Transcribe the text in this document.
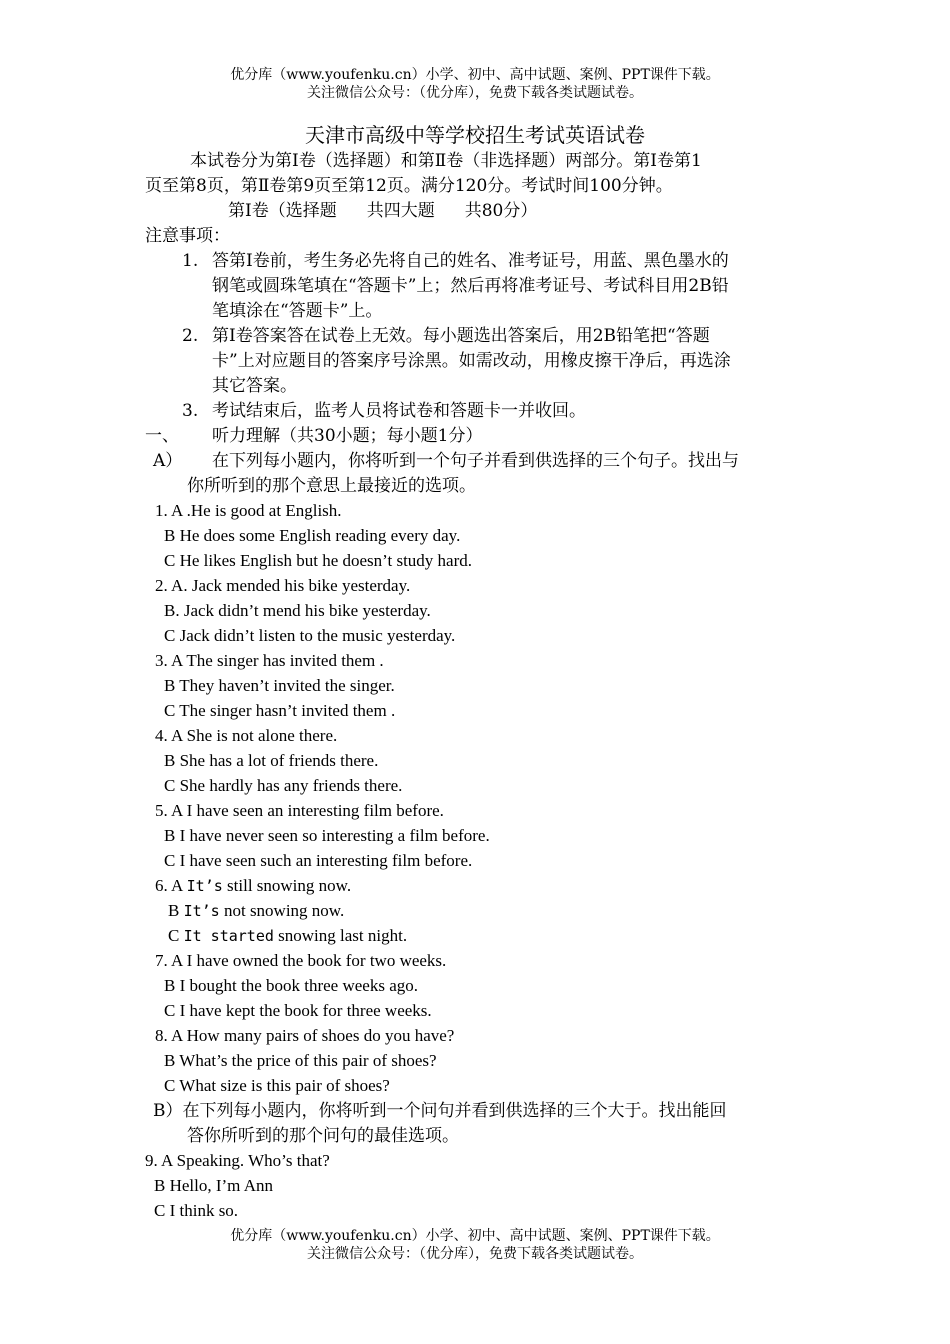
优分库（www.youfenku.cn）小学、初中、高中试题、案例、PPT课件下载。
关注微信公众号：（优分库），免费下载各类试题试卷。
天津市高级中等学校招生考试英语试卷
本试卷分为第Ⅰ卷（选择题）和第Ⅱ卷（非选择题）两部分。第Ⅰ卷第1
页至第8页，第Ⅱ卷第9页至第12页。满分120分。考试时间100分钟。
第Ⅰ卷（选择题 共四大题 共80分）
注意事项：
1. 答第Ⅰ卷前，考生务必先将自己的姓名、准考证号，用蓝、黑色墨水的
钢笔或圆珠笔填在“答题卡”上；然后再将准考证号、考试科目用2B铅
笔填涂在“答题卡”上。
2. 第Ⅰ卷答案答在试卷上无效。每小题选出答案后，用2B铅笔把“答题
卡”上对应题目的答案序号涂黑。如需改动，用橡皮擦干净后，再选涂
其它答案。
3. 考试结束后，监考人员将试卷和答题卡一并收回。
一、 听力理解（共30小题；每小题1分）
A） 在下列每小题内，你将听到一个句子并看到供选择的三个句子。找出与
你所听到的那个意思上最接近的选项。
1. A .He is good at English.
B He does some English reading every day.
C He likes English but he doesn’t study hard.
2. A. Jack mended his bike yesterday.
B. Jack didn’t mend his bike yesterday.
C Jack didn’t listen to the music yesterday.
3. A The singer has invited them .
B They haven’t invited the singer.
C The singer hasn’t invited them .
4. A She is not alone there.
B She has a lot of friends there.
C She hardly has any friends there.
5. A I have seen an interesting film before.
B I have never seen so interesting a film before.
C I have seen such an interesting film before.
6. A It’s still snowing now.
B It’s not snowing now.
C It started snowing last night.
7. A I have owned the book for two weeks.
B I bought the book three weeks ago.
C I have kept the book for three weeks.
8. A How many pairs of shoes do you have?
B What’s the price of this pair of shoes?
C What size is this pair of shoes?
B）在下列每小题内，你将听到一个问句并看到供选择的三个大于。找出能回
答你所听到的那个问句的最佳选项。
9. A Speaking. Who’s that?
B Hello, I’m Ann
C I think so.
优分库（www.youfenku.cn）小学、初中、高中试题、案例、PPT课件下载。
关注微信公众号：（优分库），免费下载各类试题试卷。
